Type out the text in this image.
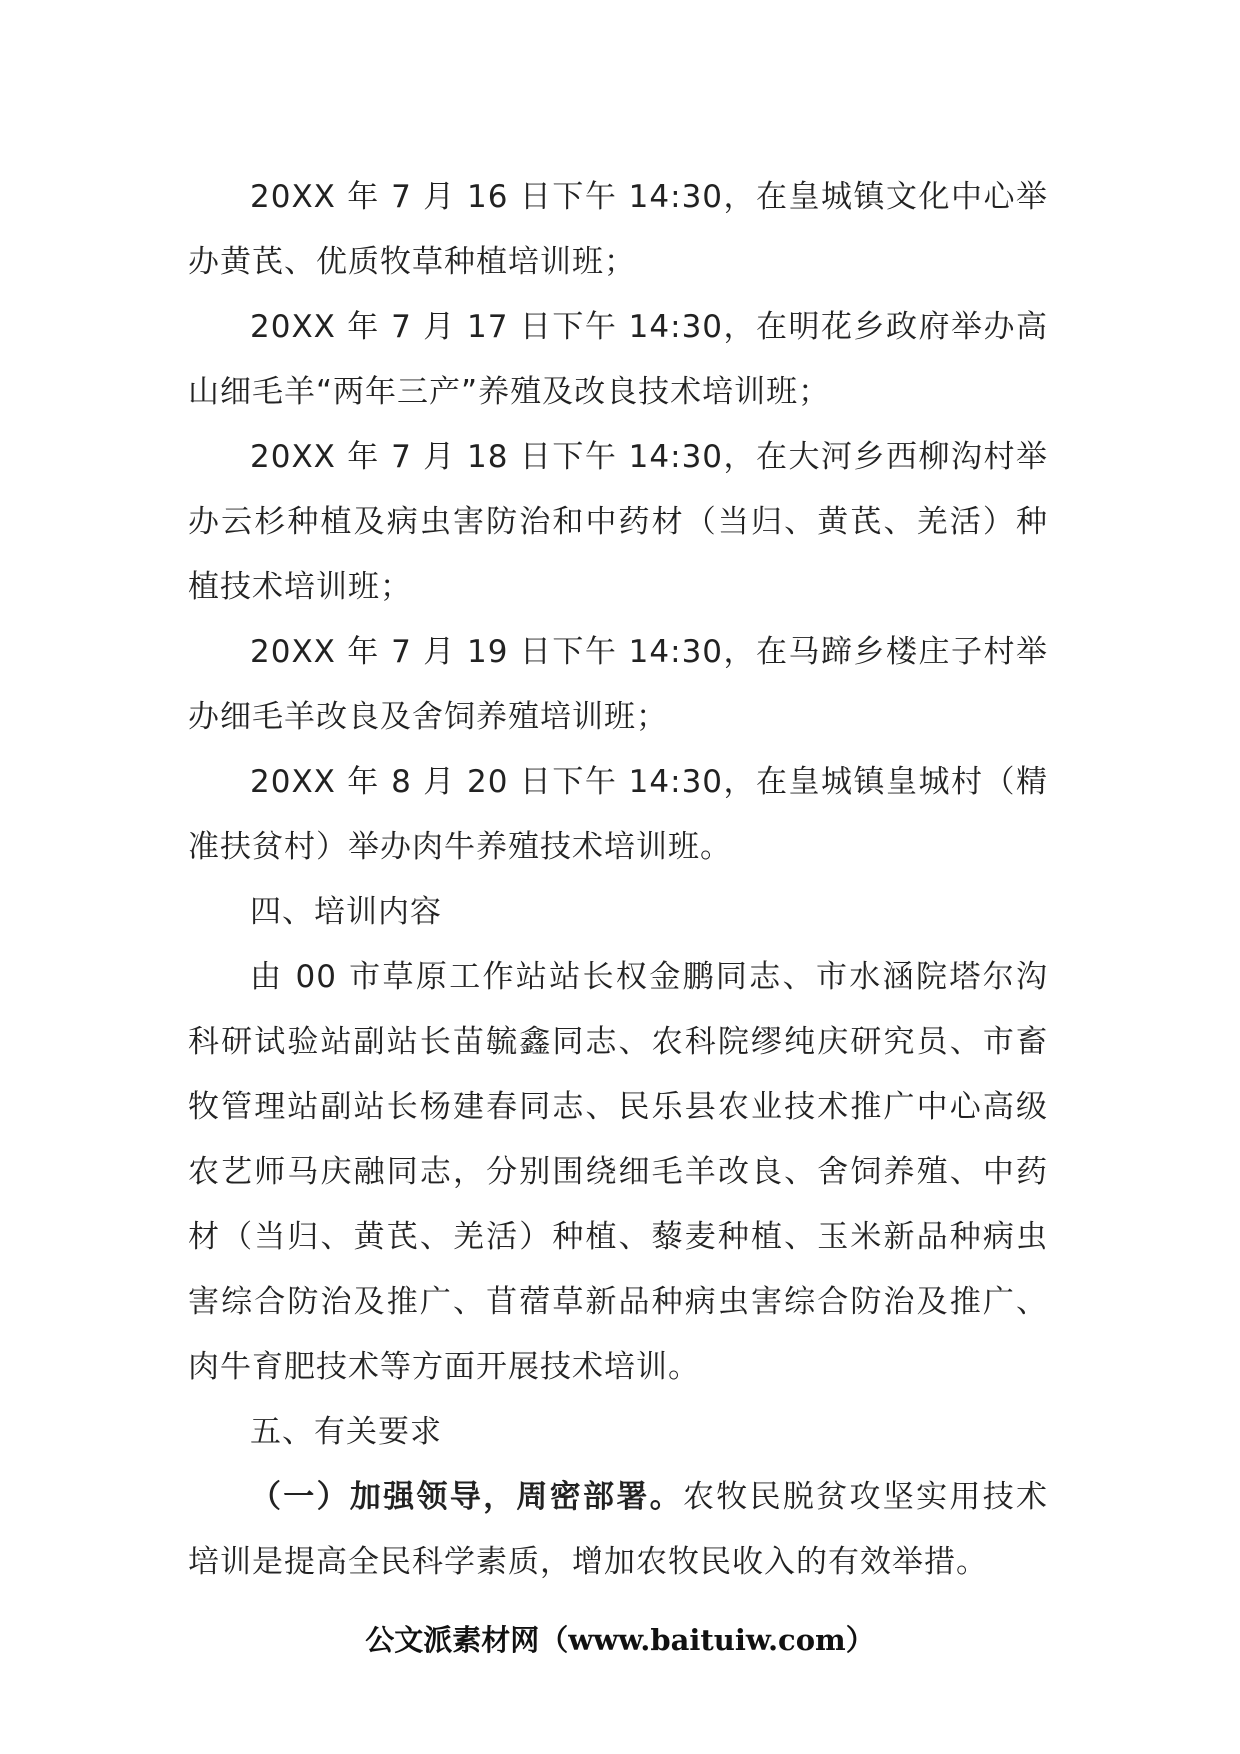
20XX 年 7 月 16 日下午 14:30，在皇城镇文化中心举办黄芪、优质牧草种植培训班；

20XX 年 7 月 17 日下午 14:30，在明花乡政府举办高山细毛羊“两年三产”养殖及改良技术培训班；

20XX 年 7 月 18 日下午 14:30，在大河乡西柳沟村举办云杉种植及病虫害防治和中药材（当归、黄芪、羌活）种植技术培训班；

20XX 年 7 月 19 日下午 14:30，在马蹄乡楼庄子村举办细毛羊改良及舍饲养殖培训班；

20XX 年 8 月 20 日下午 14:30，在皇城镇皇城村（精准扶贫村）举办肉牛养殖技术培训班。

四、培训内容

由 00 市草原工作站站长权金鹏同志、市水涵院塔尔沟科研试验站副站长苗毓鑫同志、农科院缪纯庆研究员、市畜牧管理站副站长杨建春同志、民乐县农业技术推广中心高级农艺师马庆融同志，分别围绕细毛羊改良、舍饲养殖、中药材（当归、黄芪、羌活）种植、藜麦种植、玉米新品种病虫害综合防治及推广、苜蓿草新品种病虫害综合防治及推广、肉牛育肥技术等方面开展技术培训。

五、有关要求

（一）加强领导，周密部署。农牧民脱贫攻坚实用技术培训是提高全民科学素质，增加农牧民收入的有效举措。

公文派素材网（www.baituiw.com）
